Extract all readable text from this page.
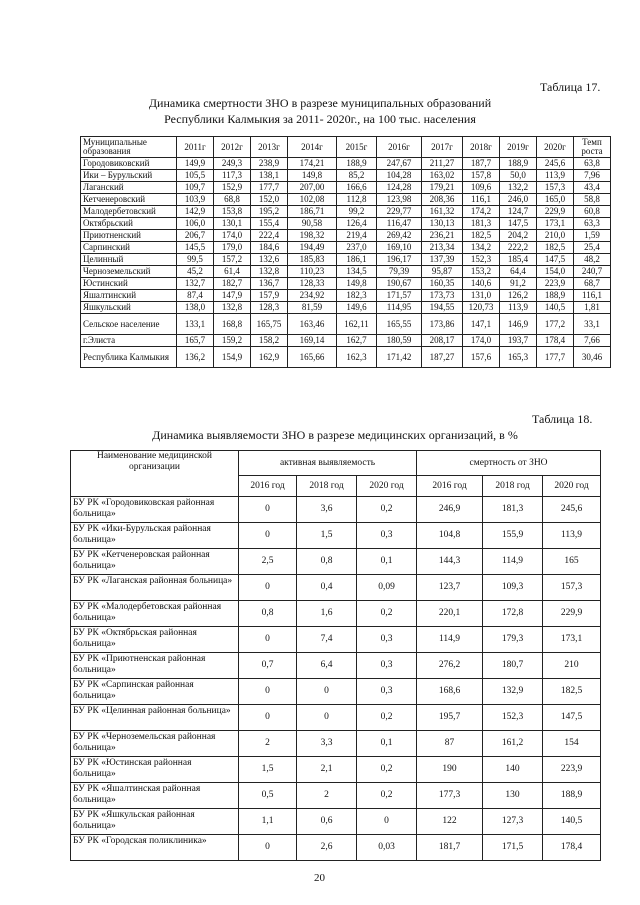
Таблица 17.
Динамика смертности ЗНО в разрезе муниципальных образований
Республики Калмыкия за 2011- 2020г., на 100 тыс. населения
Муниципальные образования	2011г	2012г	2013г	2014г	2015г	2016г	2017г	2018г	2019г	2020г	Темп роста
Городовиковский	149,9	249,3	238,9	174,21	188,9	247,67	211,27	187,7	188,9	245,6	63,8
Ики – Бурульский	105,5	117,3	138,1	149,8	85,2	104,28	163,02	157,8	50,0	113,9	7,96
Лаганский	109,7	152,9	177,7	207,00	166,6	124,28	179,21	109,6	132,2	157,3	43,4
Кетченеровский	103,9	68,8	152,0	102,08	112,8	123,98	208,36	116,1	246,0	165,0	58,8
Малодербетовский	142,9	153,8	195,2	186,71	99,2	229,77	161,32	174,2	124,7	229,9	60,8
Октябрьский	106,0	130,1	155,4	90,58	126,4	116,47	130,13	181,3	147,5	173,1	63,3
Приютненский	206,7	174,0	222,4	198,32	219,4	269,42	236,21	182,5	204,2	210,0	1,59
Сарпинский	145,5	179,0	184,6	194,49	237,0	169,10	213,34	134,2	222,2	182,5	25,4
Целинный	99,5	157,2	132,6	185,83	186,1	196,17	137,39	152,3	185,4	147,5	48,2
Черноземельский	45,2	61,4	132,8	110,23	134,5	79,39	95,87	153,2	64,4	154,0	240,7
Юстинский	132,7	182,7	136,7	128,33	149,8	190,67	160,35	140,6	91,2	223,9	68,7
Яшалтинский	87,4	147,9	157,9	234,92	182,3	171,57	173,73	131,0	126,2	188,9	116,1
Яшкульский	138,0	132,8	128,3	81,59	149,6	114,95	194,55	120,73	113,9	140,5	1,81
Сельское население	133,1	168,8	165,75	163,46	162,11	165,55	173,86	147,1	146,9	177,2	33,1
г.Элиста	165,7	159,2	158,2	169,14	162,7	180,59	208,17	174,0	193,7	178,4	7,66
Республика Калмыкия	136,2	154,9	162,9	165,66	162,3	171,42	187,27	157,6	165,3	177,7	30,46
Таблица 18.
Динамика выявляемости ЗНО в разрезе медицинских организаций, в %
Наименование медицинской организации	активная выявляемость			смертность от ЗНО		
	2016 год	2018 год	2020 год	2016 год	2018 год	2020 год
БУ РК «Городовиковская районная больница»	0	3,6	0,2	246,9	181,3	245,6
БУ РК «Ики-Бурульская районная больница»	0	1,5	0,3	104,8	155,9	113,9
БУ РК «Кетченеровская районная больница»	2,5	0,8	0,1	144,3	114,9	165
БУ РК «Лаганская районная больница»	0	0,4	0,09	123,7	109,3	157,3
БУ РК «Малодербетовская районная больница»	0,8	1,6	0,2	220,1	172,8	229,9
БУ РК «Октябрьская районная больница»	0	7,4	0,3	114,9	179,3	173,1
БУ РК «Приютненская районная больница»	0,7	6,4	0,3	276,2	180,7	210
БУ РК «Сарпинская районная больница»	0	0	0,3	168,6	132,9	182,5
БУ РК «Целинная районная больница»	0	0	0,2	195,7	152,3	147,5
БУ РК «Черноземельская районная больница»	2	3,3	0,1	87	161,2	154
БУ РК «Юстинская районная больница»	1,5	2,1	0,2	190	140	223,9
БУ РК «Яшалтинская районная больница»	0,5	2	0,2	177,3	130	188,9
БУ РК «Яшкульская районная больница»	1,1	0,6	0	122	127,3	140,5
БУ РК «Городская поликлиника»	0	2,6	0,03	181,7	171,5	178,4
20
